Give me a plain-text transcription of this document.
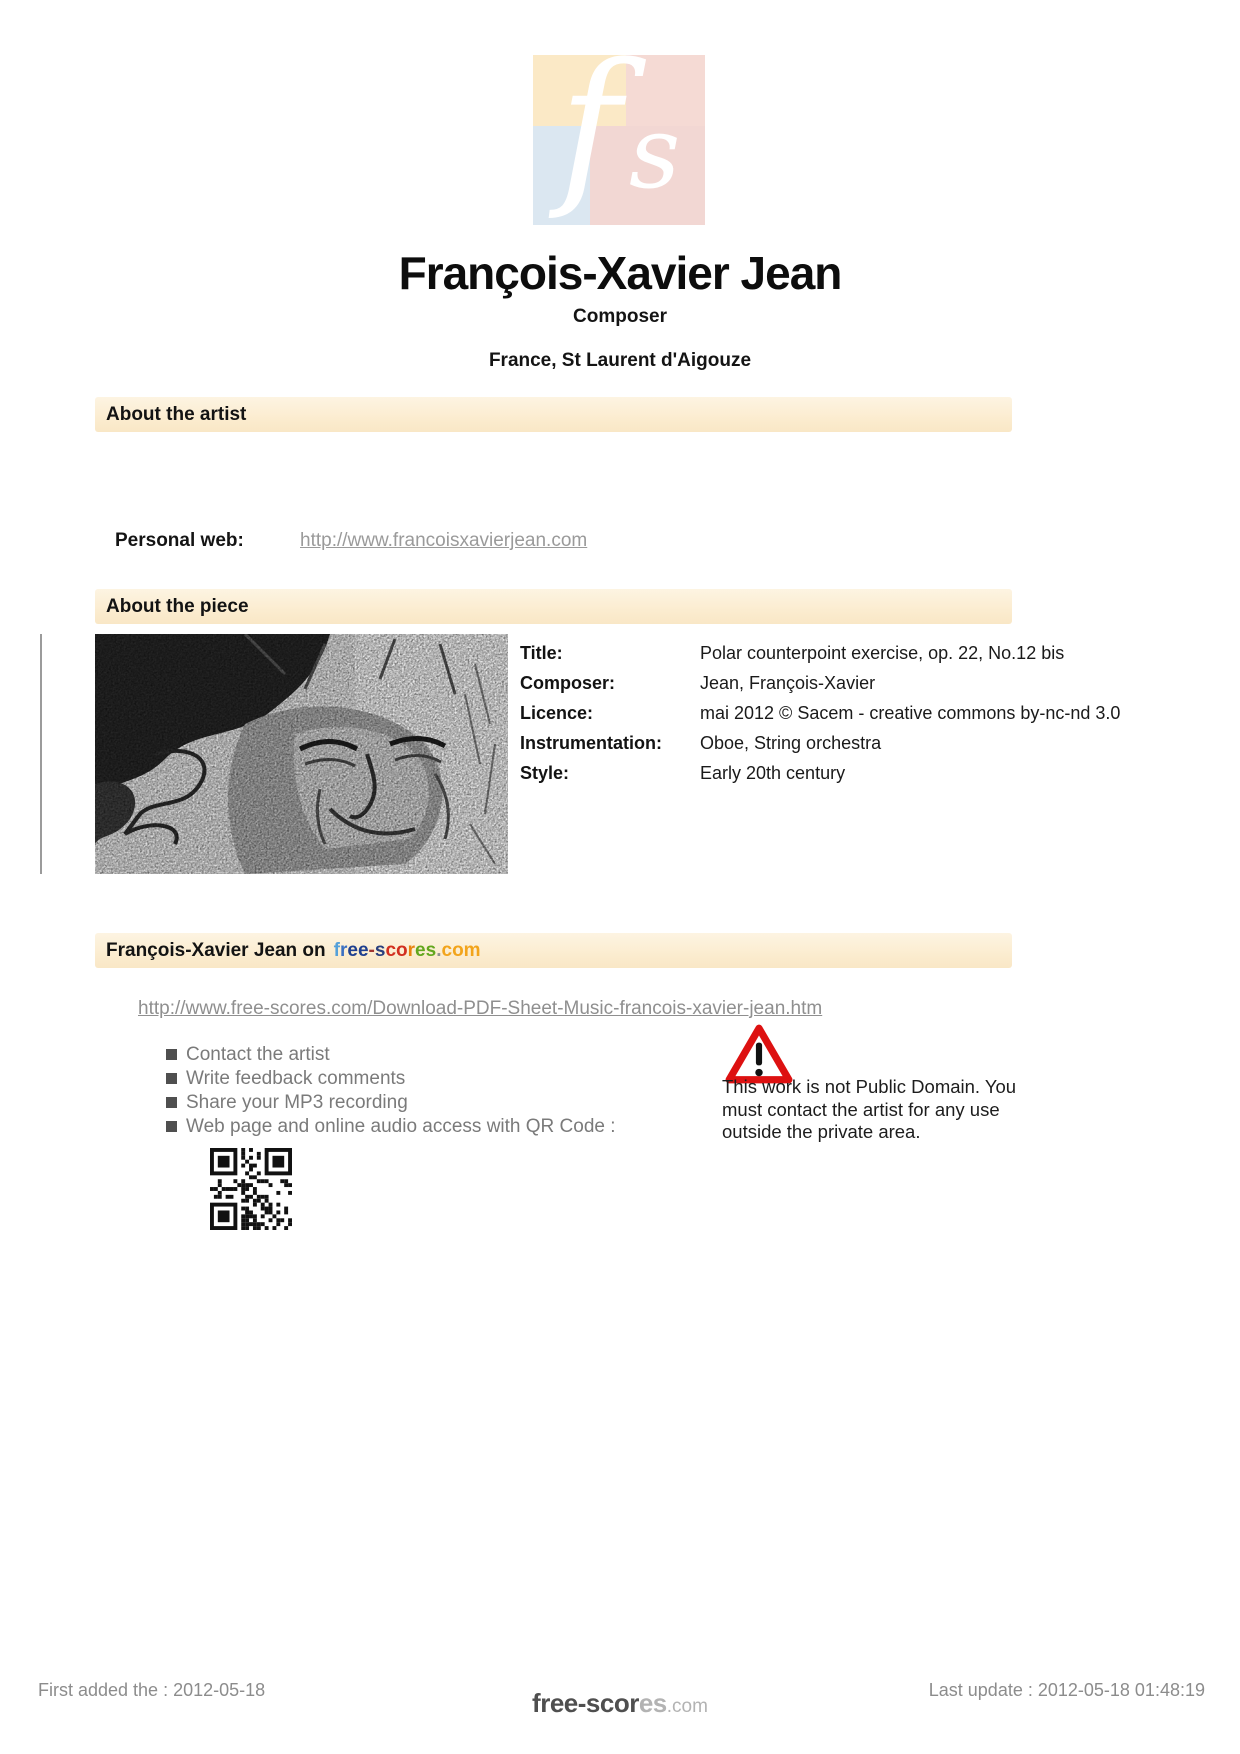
f s
François-Xavier Jean
Composer
France, St Laurent d'Aigouze
About the artist
Personal web:	http://www.francoisxavierjean.com
About the piece
Title:	Polar counterpoint exercise, op. 22, No.12 bis
Composer:	Jean, François-Xavier
Licence:	mai 2012 © Sacem - creative commons by-nc-nd 3.0
Instrumentation: Oboe, String orchestra
Style:	Early 20th century
François-Xavier Jean on free-scores.com
http://www.free-scores.com/Download-PDF-Sheet-Music-francois-xavier-jean.htm
Contact the artist
Write feedback comments
Share your MP3 recording
Web page and online audio access with QR Code :
This work is not Public Domain. You must contact the artist for any use outside the private area.
First added the : 2012-05-18	Last update : 2012-05-18 01:48:19
free-scores.com
